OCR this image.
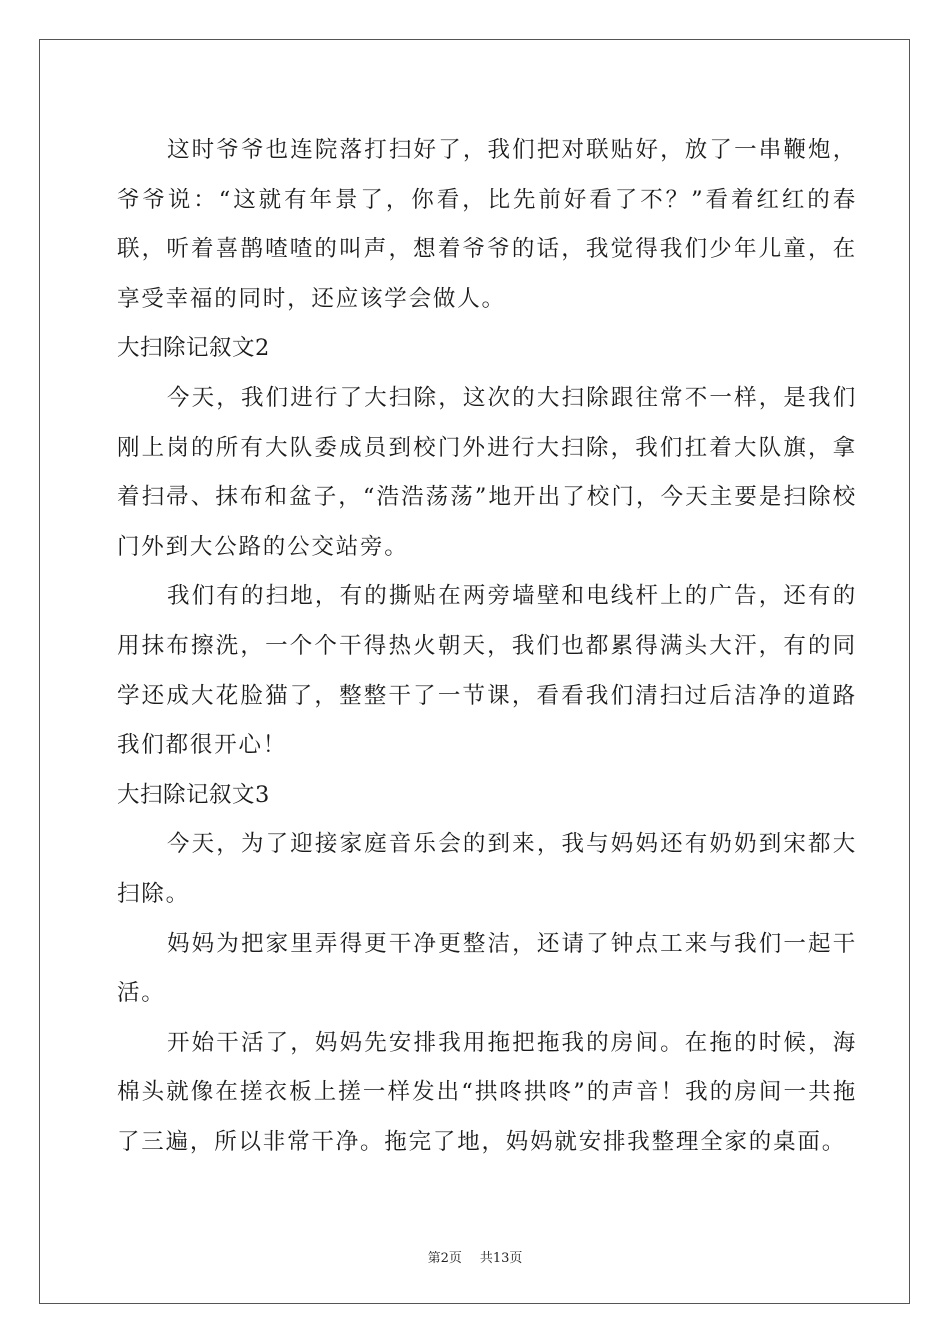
这时爷爷也连院落打扫好了，我们把对联贴好，放了一串鞭炮，爷爷说：“这就有年景了，你看，比先前好看了不？”看着红红的春联，听着喜鹊喳喳的叫声，想着爷爷的话，我觉得我们少年儿童，在享受幸福的同时，还应该学会做人。

大扫除记叙文2

今天，我们进行了大扫除，这次的大扫除跟往常不一样，是我们刚上岗的所有大队委成员到校门外进行大扫除，我们扛着大队旗，拿着扫帚、抹布和盆子，“浩浩荡荡”地开出了校门，今天主要是扫除校门外到大公路的公交站旁。

我们有的扫地，有的撕贴在两旁墙壁和电线杆上的广告，还有的用抹布擦洗，一个个干得热火朝天，我们也都累得满头大汗，有的同学还成大花脸猫了，整整干了一节课，看看我们清扫过后洁净的道路我们都很开心！

大扫除记叙文3

今天，为了迎接家庭音乐会的到来，我与妈妈还有奶奶到宋都大扫除。

妈妈为把家里弄得更干净更整洁，还请了钟点工来与我们一起干活。

开始干活了，妈妈先安排我用拖把拖我的房间。在拖的时候，海棉头就像在搓衣板上搓一样发出“拱咚拱咚”的声音！我的房间一共拖了三遍，所以非常干净。拖完了地，妈妈就安排我整理全家的桌面。

第2页 共13页
